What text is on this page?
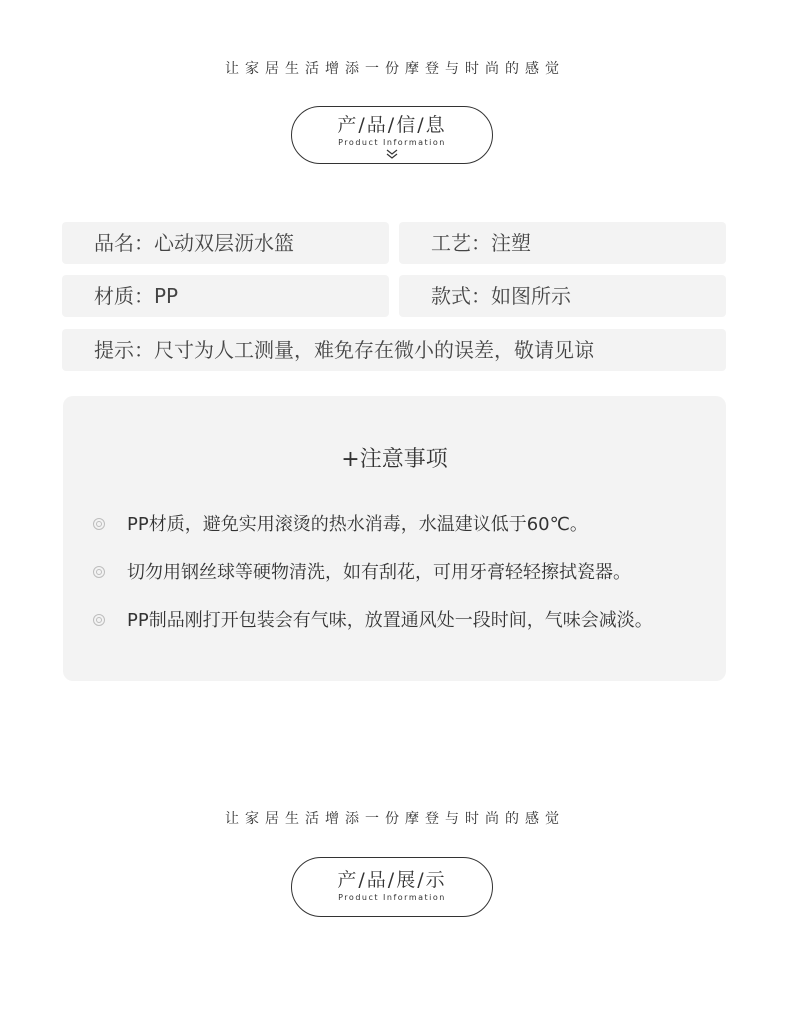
让家居生活增添一份摩登与时尚的感觉
产/品/信/息
Product Information
品名：心动双层沥水篮	工艺：注塑
材质：PP	款式：如图所示
提示：尺寸为人工测量，难免存在微小的误差，敬请见谅
+注意事项
PP材质，避免实用滚烫的热水消毒，水温建议低于60℃。
切勿用钢丝球等硬物清洗，如有刮花，可用牙膏轻轻擦拭瓷器。
PP制品刚打开包装会有气味，放置通风处一段时间，气味会减淡。
让家居生活增添一份摩登与时尚的感觉
产/品/展/示
Product Information
